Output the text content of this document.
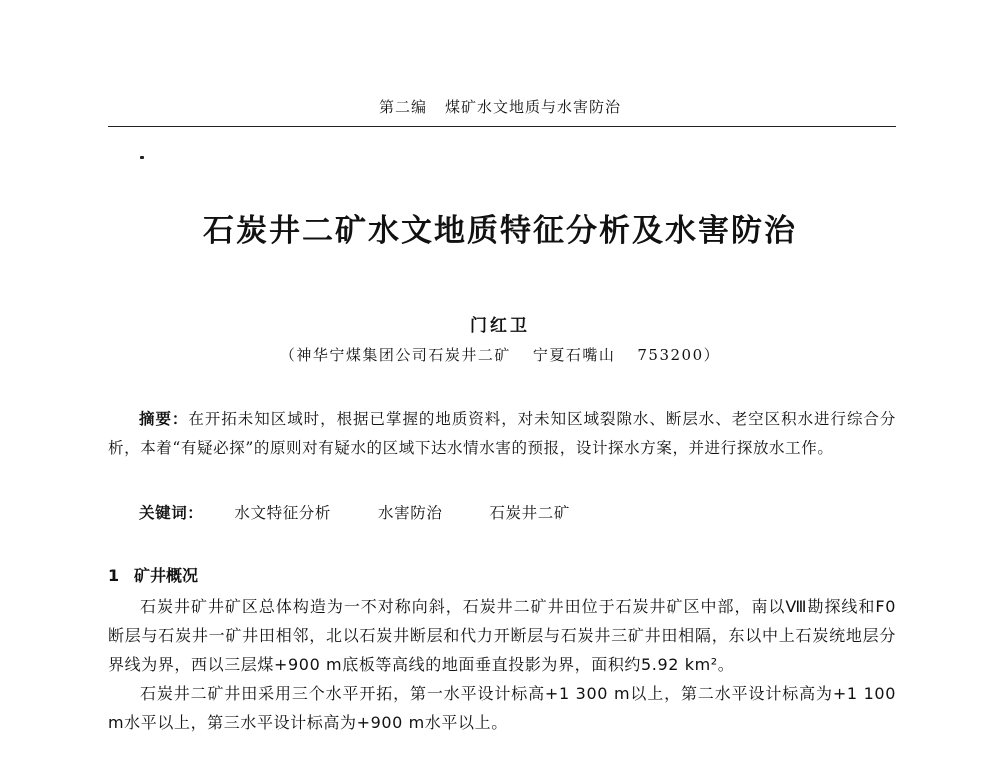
第二编 煤矿水文地质与水害防治
石炭井二矿水文地质特征分析及水害防治
门红卫
（神华宁煤集团公司石炭井二矿 宁夏石嘴山 753200）
摘要：在开拓未知区域时，根据已掌握的地质资料，对未知区域裂隙水、断层水、老空区积水进行综合分析，本着“有疑必探”的原则对有疑水的区域下达水情水害的预报，设计探水方案，并进行探放水工作。
关键词： 水文特征分析	水害防治	石炭井二矿
1 矿井概况

石炭井矿井矿区总体构造为一不对称向斜，石炭井二矿井田位于石炭井矿区中部，南以Ⅷ勘探线和F0断层与石炭井一矿井田相邻，北以石炭井断层和代力开断层与石炭井三矿井田相隔，东以中上石炭统地层分界线为界，西以三层煤+900 m底板等高线的地面垂直投影为界，面积约5.92 km²。

石炭井二矿井田采用三个水平开拓，第一水平设计标高+1 300 m以上，第二水平设计标高为+1 100 m水平以上，第三水平设计标高为+900 m水平以上。
